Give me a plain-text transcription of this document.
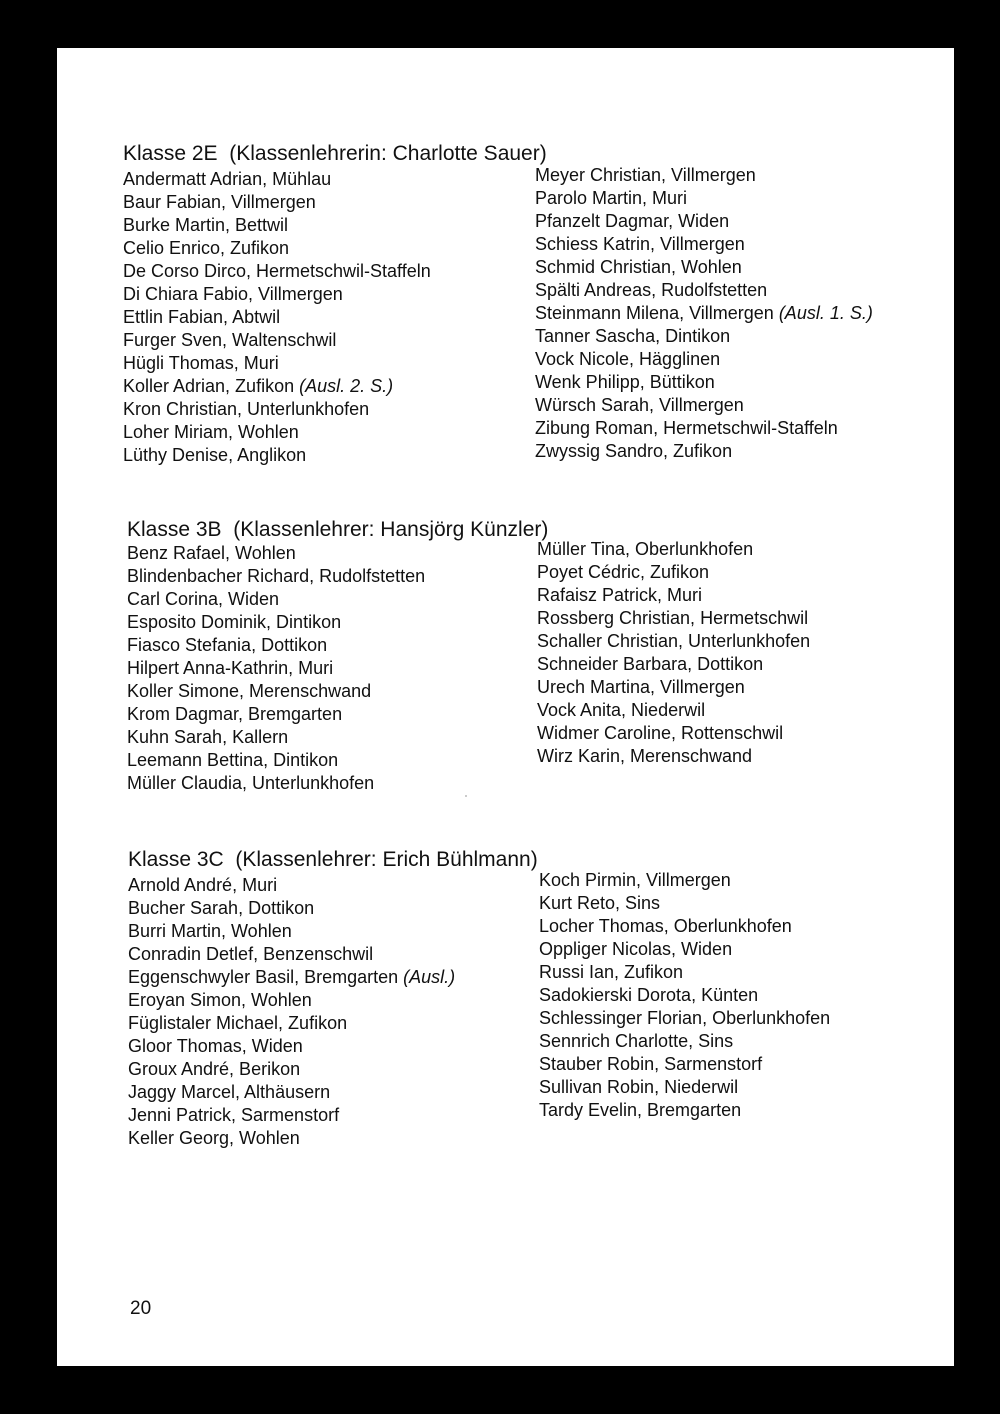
Klasse 2E (Klassenlehrerin: Charlotte Sauer)
Andermatt Adrian, Mühlau
Baur Fabian, Villmergen
Burke Martin, Bettwil
Celio Enrico, Zufikon
De Corso Dirco, Hermetschwil-Staffeln
Di Chiara Fabio, Villmergen
Ettlin Fabian, Abtwil
Furger Sven, Waltenschwil
Hügli Thomas, Muri
Koller Adrian, Zufikon (Ausl. 2. S.)
Kron Christian, Unterlunkhofen
Loher Miriam, Wohlen
Lüthy Denise, Anglikon
Meyer Christian, Villmergen
Parolo Martin, Muri
Pfanzelt Dagmar, Widen
Schiess Katrin, Villmergen
Schmid Christian, Wohlen
Spälti Andreas, Rudolfstetten
Steinmann Milena, Villmergen (Ausl. 1. S.)
Tanner Sascha, Dintikon
Vock Nicole, Hägglinen
Wenk Philipp, Büttikon
Würsch Sarah, Villmergen
Zibung Roman, Hermetschwil-Staffeln
Zwyssig Sandro, Zufikon
Klasse 3B (Klassenlehrer: Hansjörg Künzler)
Benz Rafael, Wohlen
Blindenbacher Richard, Rudolfstetten
Carl Corina, Widen
Esposito Dominik, Dintikon
Fiasco Stefania, Dottikon
Hilpert Anna-Kathrin, Muri
Koller Simone, Merenschwand
Krom Dagmar, Bremgarten
Kuhn Sarah, Kallern
Leemann Bettina, Dintikon
Müller Claudia, Unterlunkhofen
Müller Tina, Oberlunkhofen
Poyet Cédric, Zufikon
Rafaisz Patrick, Muri
Rossberg Christian, Hermetschwil
Schaller Christian, Unterlunkhofen
Schneider Barbara, Dottikon
Urech Martina, Villmergen
Vock Anita, Niederwil
Widmer Caroline, Rottenschwil
Wirz Karin, Merenschwand
Klasse 3C (Klassenlehrer: Erich Bühlmann)
Arnold André, Muri
Bucher Sarah, Dottikon
Burri Martin, Wohlen
Conradin Detlef, Benzenschwil
Eggenschwyler Basil, Bremgarten (Ausl.)
Eroyan Simon, Wohlen
Füglistaler Michael, Zufikon
Gloor Thomas, Widen
Groux André, Berikon
Jaggy Marcel, Althäusern
Jenni Patrick, Sarmenstorf
Keller Georg, Wohlen
Koch Pirmin, Villmergen
Kurt Reto, Sins
Locher Thomas, Oberlunkhofen
Oppliger Nicolas, Widen
Russi Ian, Zufikon
Sadokierski Dorota, Künten
Schlessinger Florian, Oberlunkhofen
Sennrich Charlotte, Sins
Stauber Robin, Sarmenstorf
Sullivan Robin, Niederwil
Tardy Evelin, Bremgarten
20
